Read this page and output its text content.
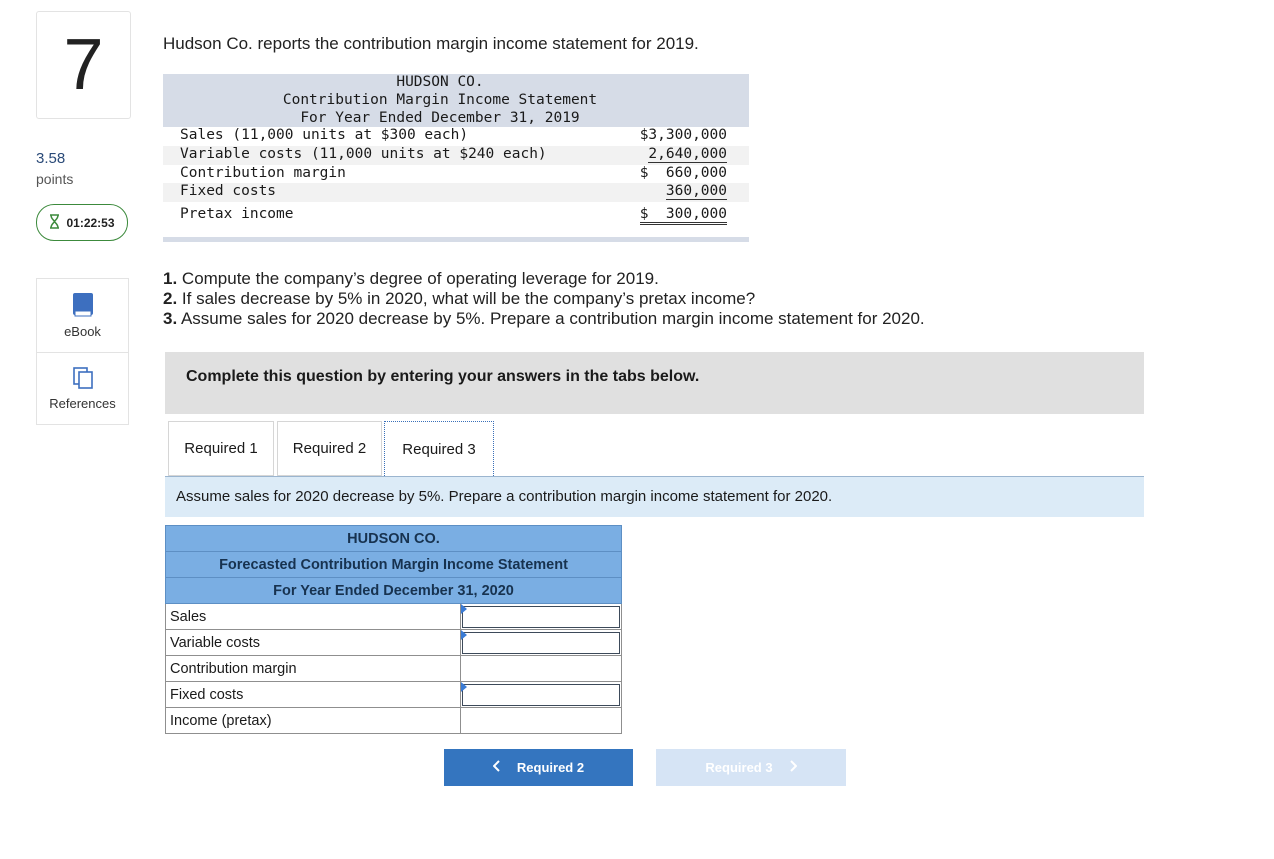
7
3.58
points
01:22:53
eBook
References
Hudson Co. reports the contribution margin income statement for 2019.
HUDSON CO.
Contribution Margin Income Statement
For Year Ended December 31, 2019
Sales (11,000 units at $300 each)	$3,300,000
Variable costs (11,000 units at $240 each)	2,640,000
Contribution margin	$  660,000
Fixed costs	360,000
Pretax income	$  300,000
1. Compute the company’s degree of operating leverage for 2019.
2. If sales decrease by 5% in 2020, what will be the company’s pretax income?
3. Assume sales for 2020 decrease by 5%. Prepare a contribution margin income statement for 2020.
Complete this question by entering your answers in the tabs below.
Required 1	Required 2	Required 3
Assume sales for 2020 decrease by 5%. Prepare a contribution margin income statement for 2020.
HUDSON CO.	
Forecasted Contribution Margin Income Statement	
For Year Ended December 31, 2020	
Sales	

Variable costs	

Contribution margin	
Fixed costs	

Income (pretax)	
Required 2	Required 3
